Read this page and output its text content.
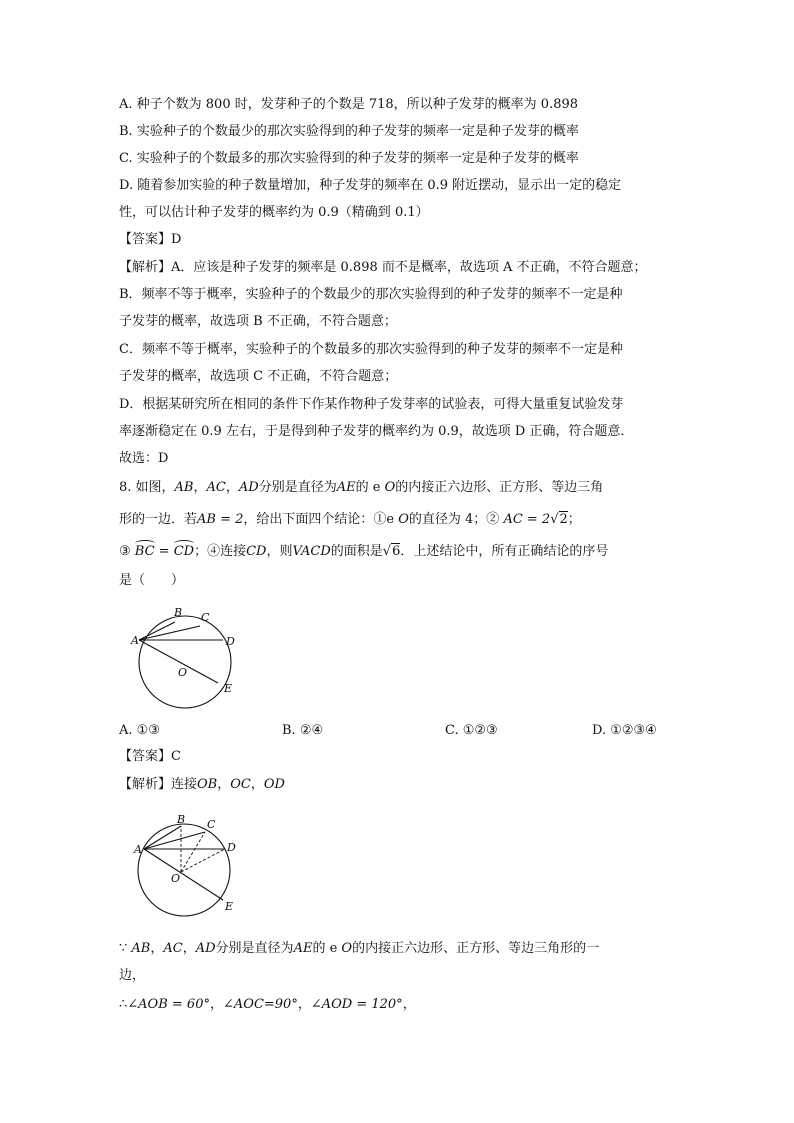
A. 种子个数为 800 时，发芽种子的个数是 718，所以种子发芽的概率为 0.898
B. 实验种子的个数最少的那次实验得到的种子发芽的频率一定是种子发芽的概率
C. 实验种子的个数最多的那次实验得到的种子发芽的频率一定是种子发芽的概率
D. 随着参加实验的种子数量增加，种子发芽的频率在 0.9 附近摆动，显示出一定的稳定
性，可以估计种子发芽的概率约为 0.9（精确到 0.1）
【答案】D
【解析】A．应该是种子发芽的频率是 0.898 而不是概率，故选项 A 不正确，不符合题意；
B．频率不等于概率，实验种子的个数最少的那次实验得到的种子发芽的频率不一定是种
子发芽的概率，故选项 B 不正确，不符合题意；
C．频率不等于概率，实验种子的个数最多的那次实验得到的种子发芽的频率不一定是种
子发芽的概率，故选项 C 不正确，不符合题意；
D．根据某研究所在相同的条件下作某作物种子发芽率的试验表，可得大量重复试验发芽
率逐渐稳定在 0.9 左右，于是得到种子发芽的概率约为 0.9，故选项 D 正确，符合题意．
故选：D
8. 如图，AB，AC，AD分别是直径为AE的 e O的内接正六边形、正方形、等边三角
形的一边．若AB = 2，给出下面四个结论：①e O的直径为 4；② AC = 2√2；
③ BC = CD；④连接CD，则VACD的面积是√6．上述结论中，所有正确结论的序号
是（　　）
A
B C
D
O
E
A. ①③	B. ②④	C. ①②③	D. ①②③④
【答案】C
【解析】连接OB，OC，OD
A
B C
D
O
E
∵ AB，AC，AD分别是直径为AE的 e O的内接正六边形、正方形、等边三角形的一
边，
∴∠AOB = 60°，∠AOC=90°，∠AOD = 120°，
